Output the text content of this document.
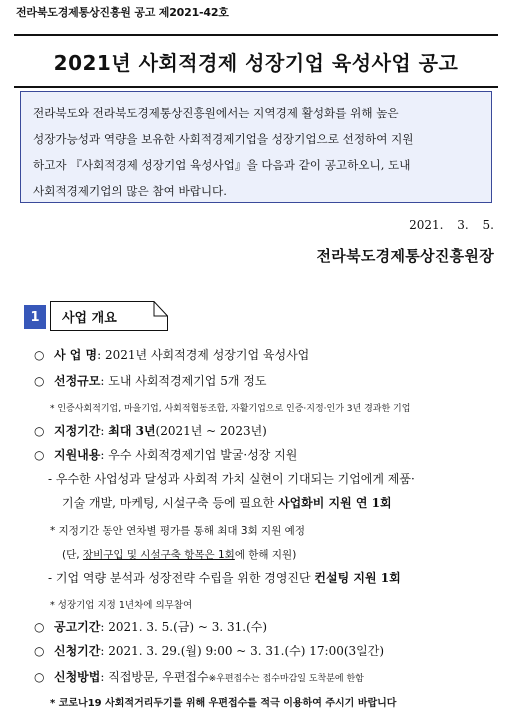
전라북도경제통상진흥원 공고 제2021-42호
2021년 사회적경제 성장기업 육성사업 공고
전라북도와 전라북도경제통상진흥원에서는 지역경제 활성화를 위해 높은
성장가능성과 역량을 보유한 사회적경제기업을 성장기업으로 선정하여 지원
하고자 『사회적경제 성장기업 육성사업』을 다음과 같이 공고하오니, 도내
사회적경제기업의 많은 참여 바랍니다.
2021. 3. 5.
전라북도경제통상진흥원장
1	사업 개요
○ 사 업 명: 2021년 사회적경제 성장기업 육성사업
○ 선정규모: 도내 사회적경제기업 5개 정도
* 인증사회적기업, 마을기업, 사회적협동조합, 자활기업으로 인증·지정·인가 3년 경과한 기업
○ 지정기간: 최대 3년(2021년 ~ 2023년)
○ 지원내용: 우수 사회적경제기업 발굴·성장 지원
- 우수한 사업성과 달성과 사회적 가치 실현이 기대되는 기업에게 제품·
기술 개발, 마케팅, 시설구축 등에 필요한 사업화비 지원 연 1회
* 지정기간 동안 연차별 평가를 통해 최대 3회 지원 예정
(단, 장비구입 및 시설구축 항목은 1회에 한해 지원)
- 기업 역량 분석과 성장전략 수립을 위한 경영진단 컨설팅 지원 1회
* 성장기업 지정 1년차에 의무참여
○ 공고기간: 2021. 3. 5.(금) ~ 3. 31.(수)
○ 신청기간: 2021. 3. 29.(월) 9:00 ~ 3. 31.(수) 17:00(3일간)
○ 신청방법: 직접방문, 우편접수※우편접수는 접수마감일 도착분에 한함
* 코로나19 사회적거리두기를 위해 우편접수를 적극 이용하여 주시기 바랍니다
